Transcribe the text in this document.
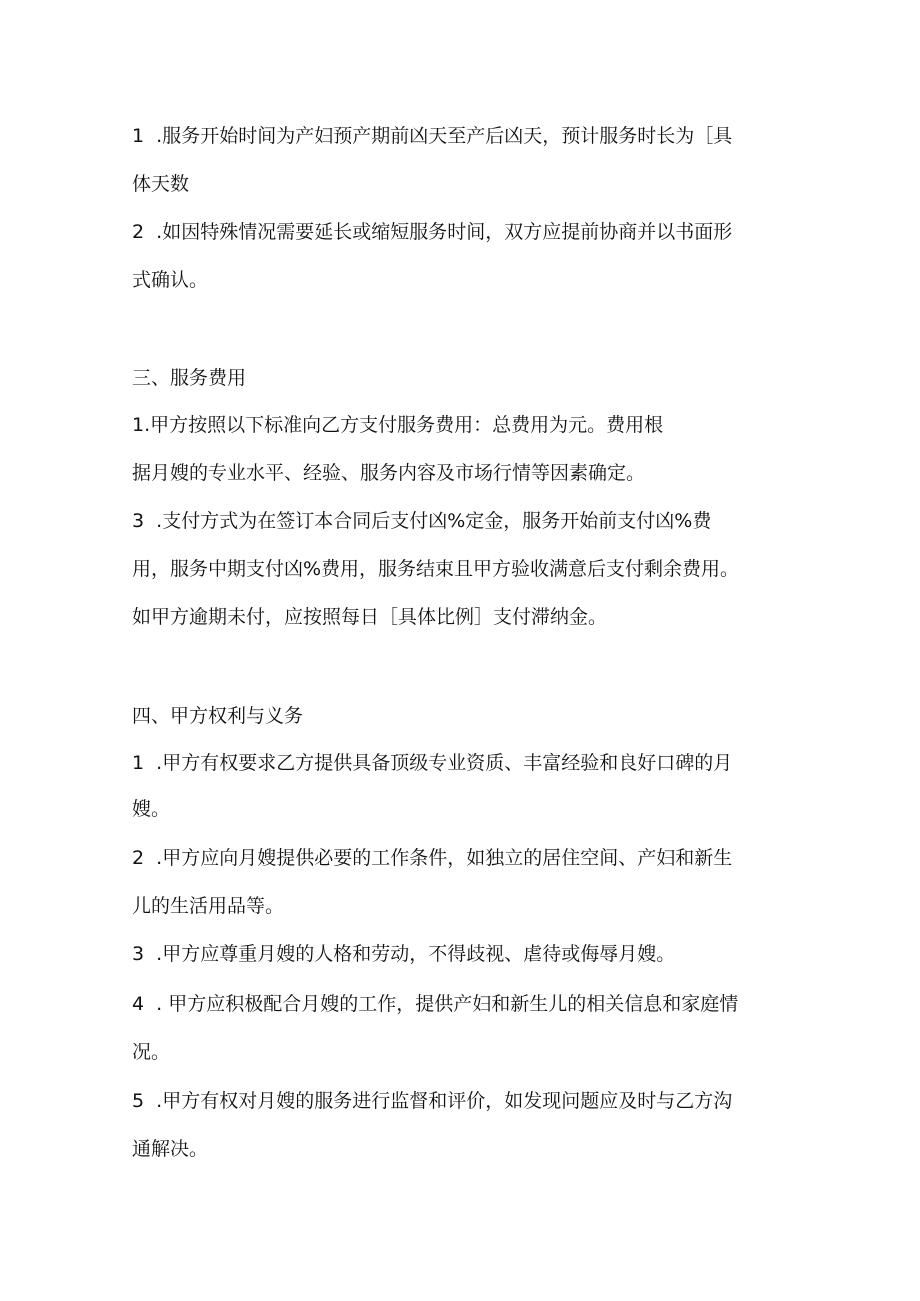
1  .服务开始时间为产妇预产期前凶天至产后凶天，预计服务时长为［具

体天数

2  .如因特殊情况需要延长或缩短服务时间，双方应提前协商并以书面形

式确认。

三、服务费用

1.甲方按照以下标准向乙方支付服务费用：总费用为元。费用根

据月嫂的专业水平、经验、服务内容及市场行情等因素确定。

3  .支付方式为在签订本合同后支付凶%定金，服务开始前支付凶%费

用，服务中期支付凶%费用，服务结束且甲方验收满意后支付剩余费用。

如甲方逾期未付，应按照每日［具体比例］支付滞纳金。

四、甲方权利与义务

1  .甲方有权要求乙方提供具备顶级专业资质、丰富经验和良好口碑的月

嫂。

2  .甲方应向月嫂提供必要的工作条件，如独立的居住空间、产妇和新生

儿的生活用品等。

3  .甲方应尊重月嫂的人格和劳动，不得歧视、虐待或侮辱月嫂。

4  . 甲方应积极配合月嫂的工作，提供产妇和新生儿的相关信息和家庭情

况。

5  .甲方有权对月嫂的服务进行监督和评价，如发现问题应及时与乙方沟

通解决。
